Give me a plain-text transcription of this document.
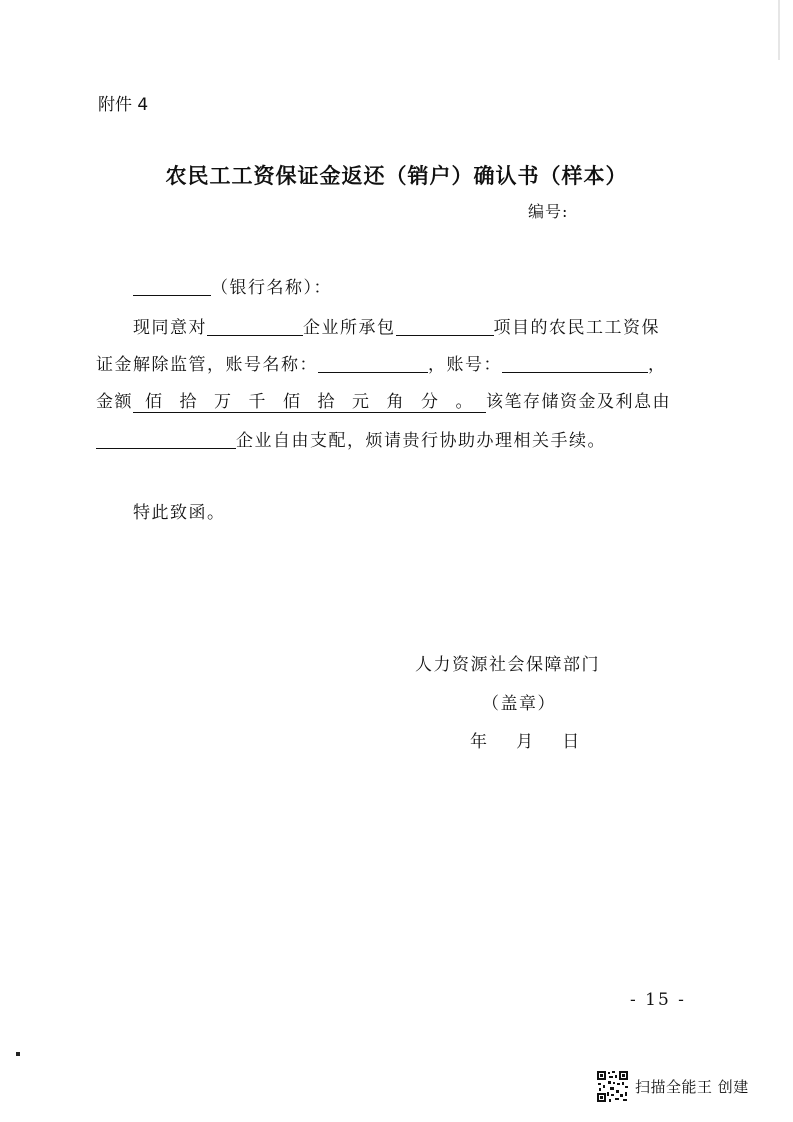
附件 4
农民工工资保证金返还（销户）确认书（样本）
编号:
（银行名称）：
现同意对	企业所承包	项目的农民工工资保
证金解除监管，账号名称：	，账号：	，
金额 佰 拾 万 千 佰 拾 元 角 分 。 该笔存储资金及利息由
企业自由支配，烦请贵行协助办理相关手续。
特此致函。
人力资源社会保障部门
（盖章）
年    月    日
- 15 -
扫描全能王 创建
